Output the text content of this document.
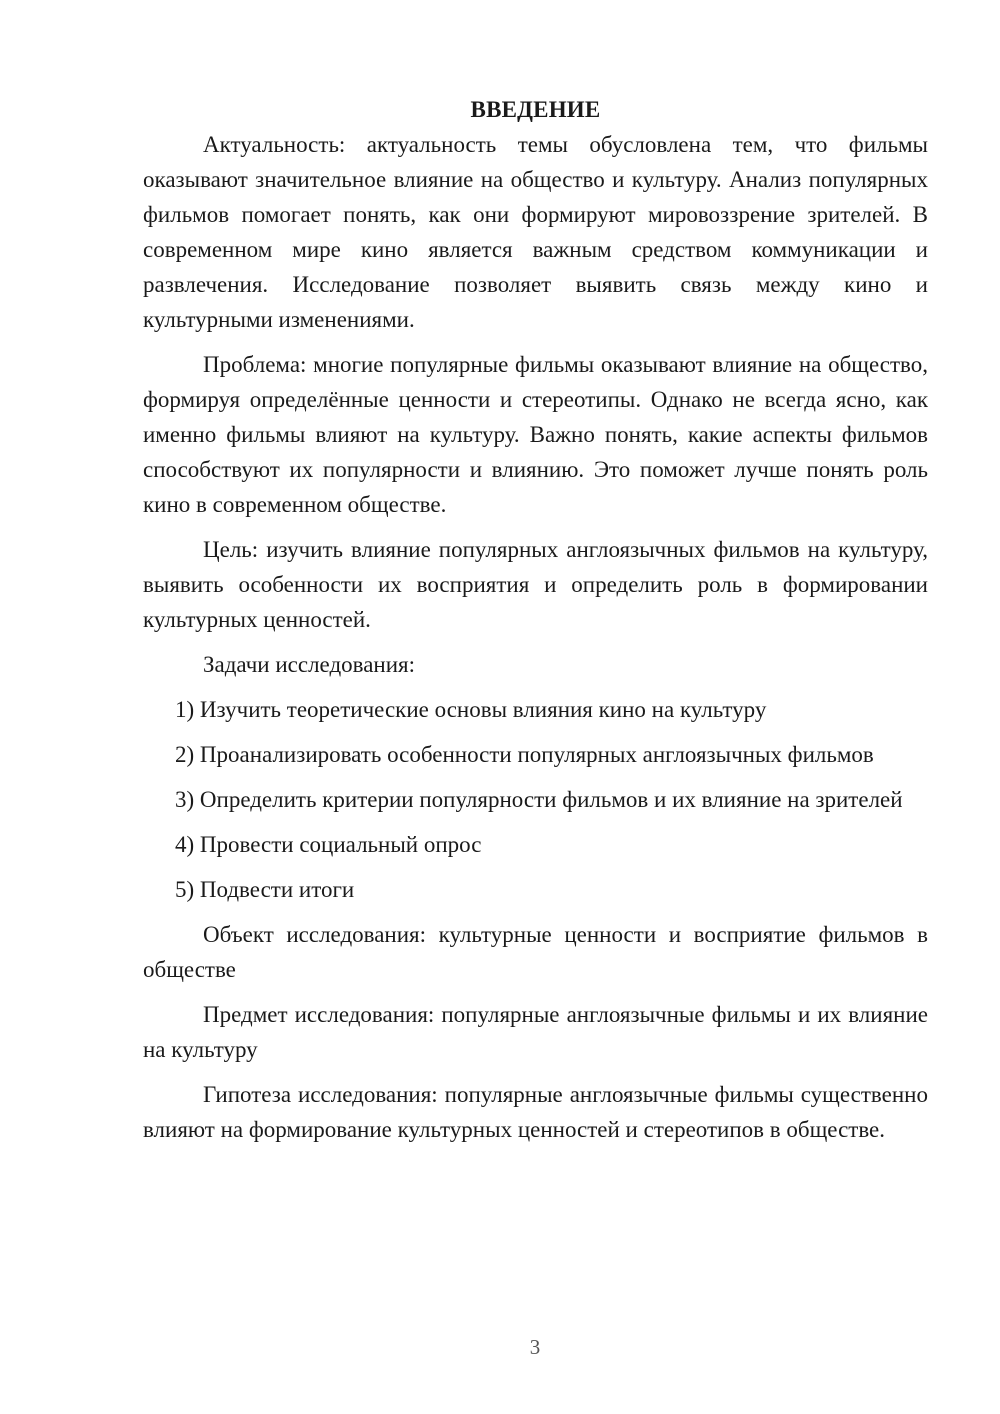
ВВЕДЕНИЕ

Актуальность: актуальность темы обусловлена тем, что фильмы оказывают значительное влияние на общество и культуру. Анализ популярных фильмов помогает понять, как они формируют мировоззрение зрителей. В современном мире кино является важным средством коммуникации и развлечения. Исследование позволяет выявить связь между кино и культурными изменениями.

Проблема: многие популярные фильмы оказывают влияние на общество, формируя определённые ценности и стереотипы. Однако не всегда ясно, как именно фильмы влияют на культуру. Важно понять, какие аспекты фильмов способствуют их популярности и влиянию. Это поможет лучше понять роль кино в современном обществе.

Цель: изучить влияние популярных англоязычных фильмов на культуру, выявить особенности их восприятия и определить роль в формировании культурных ценностей.

Задачи исследования:

1) Изучить теоретические основы влияния кино на культуру

2) Проанализировать особенности популярных англоязычных фильмов

3) Определить критерии популярности фильмов и их влияние на зрителей

4) Провести социальный опрос

5) Подвести итоги

Объект исследования: культурные ценности и восприятие фильмов в обществе

Предмет исследования: популярные англоязычные фильмы и их влияние на культуру

Гипотеза исследования: популярные англоязычные фильмы существенно влияют на формирование культурных ценностей и стереотипов в обществе.

3
